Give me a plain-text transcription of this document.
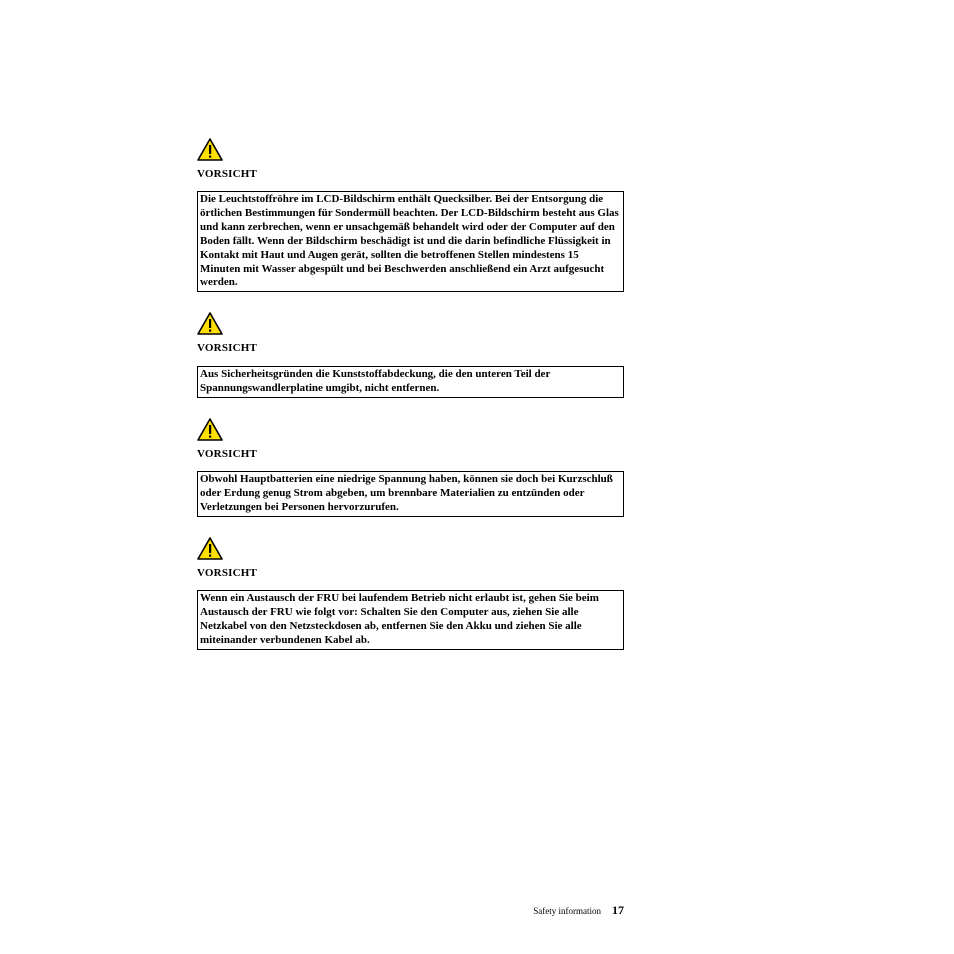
VORSICHT

Die Leuchtstoffröhre im LCD-Bildschirm enthält Quecksilber. Bei der Entsorgung die örtlichen Bestimmungen für Sondermüll beachten. Der LCD-Bildschirm besteht aus Glas und kann zerbrechen, wenn er unsachgemäß behandelt wird oder der Computer auf den Boden fällt. Wenn der Bildschirm beschädigt ist und die darin befindliche Flüssigkeit in Kontakt mit Haut und Augen gerät, sollten die betroffenen Stellen mindestens 15 Minuten mit Wasser abgespült und bei Beschwerden anschließend ein Arzt aufgesucht werden.

VORSICHT

Aus Sicherheitsgründen die Kunststoffabdeckung, die den unteren Teil der Spannungswandlerplatine umgibt, nicht entfernen.

VORSICHT

Obwohl Hauptbatterien eine niedrige Spannung haben, können sie doch bei Kurzschluß oder Erdung genug Strom abgeben, um brennbare Materialien zu entzünden oder Verletzungen bei Personen hervorzurufen.

VORSICHT

Wenn ein Austausch der FRU bei laufendem Betrieb nicht erlaubt ist, gehen Sie beim Austausch der FRU wie folgt vor: Schalten Sie den Computer aus, ziehen Sie alle Netzkabel von den Netzsteckdosen ab, entfernen Sie den Akku und ziehen Sie alle miteinander verbundenen Kabel ab.

Safety information 17
